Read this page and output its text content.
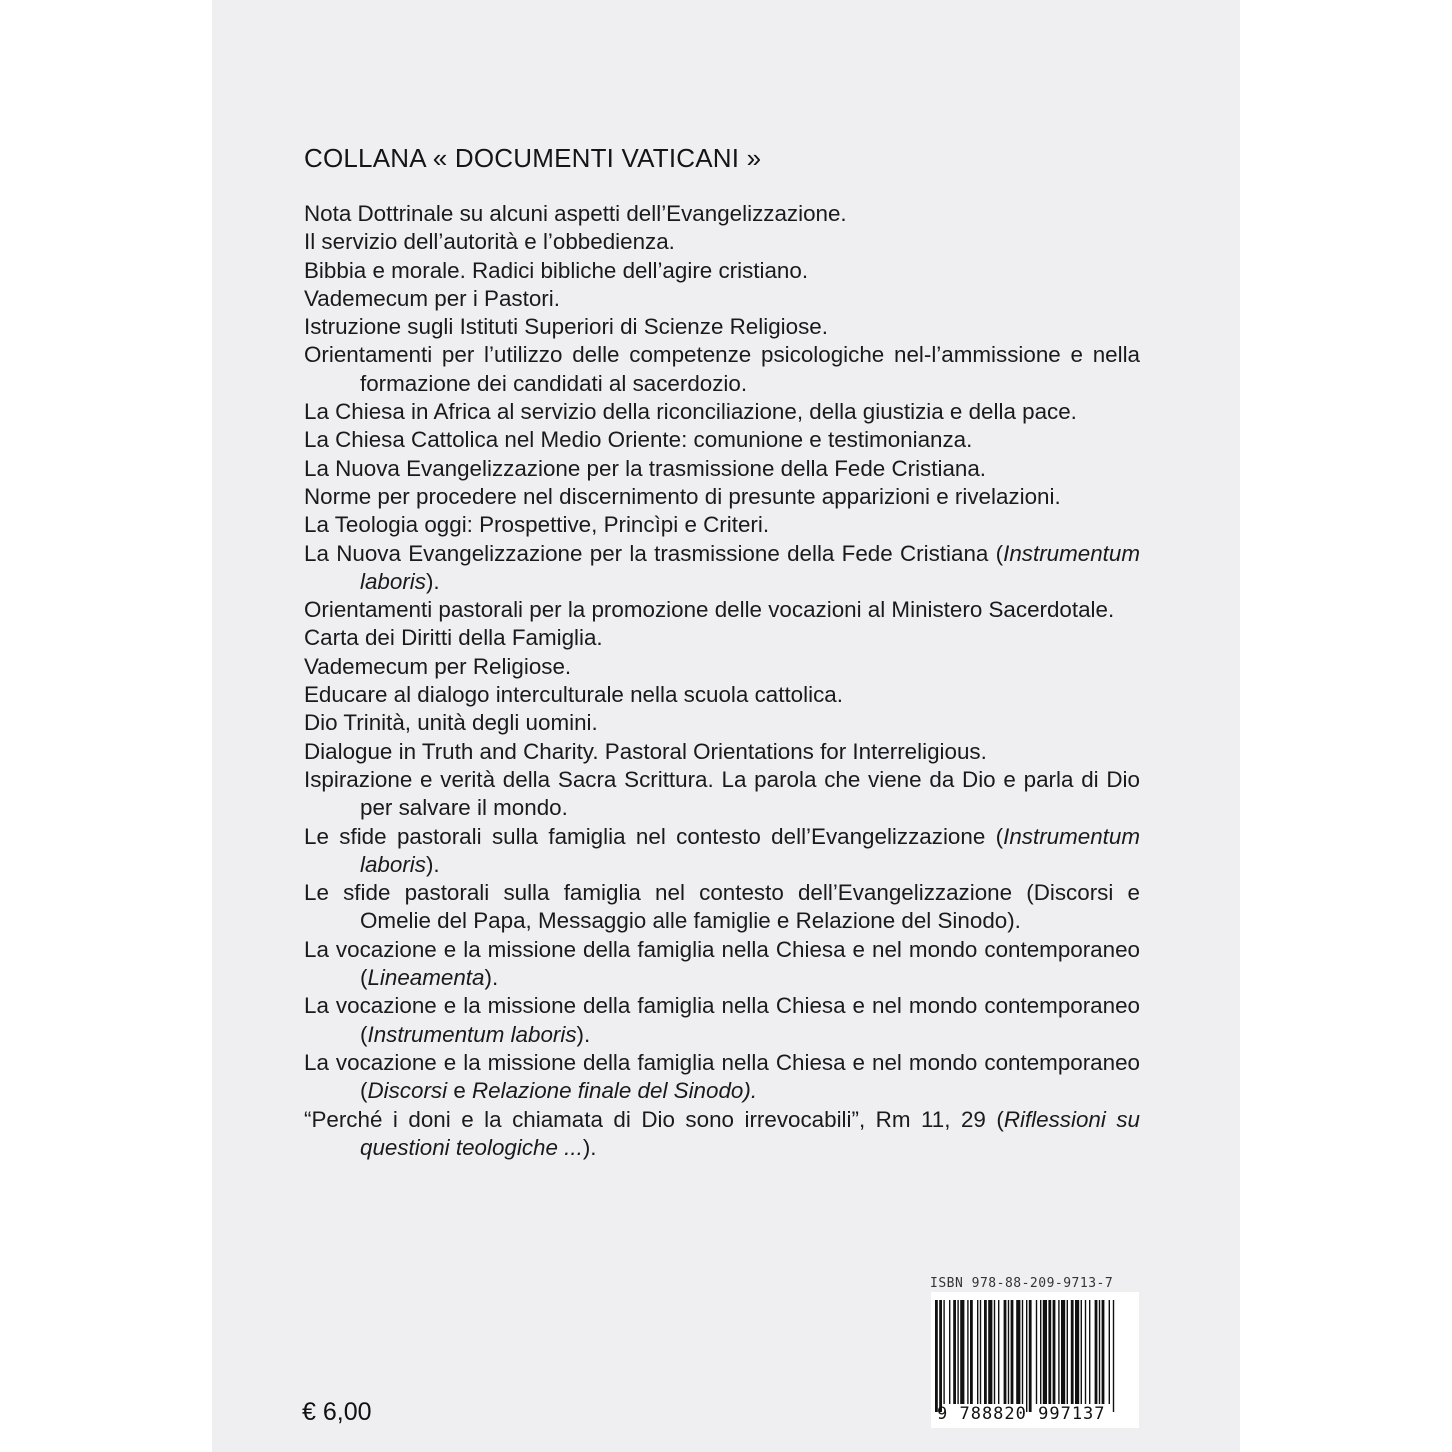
COLLANA « DOCUMENTI VATICANI »
Nota Dottrinale su alcuni aspetti dell’Evangelizzazione.
Il servizio dell’autorità e l’obbedienza.
Bibbia e morale. Radici bibliche dell’agire cristiano.
Vademecum per i Pastori.
Istruzione sugli Istituti Superiori di Scienze Religiose.
Orientamenti per l’utilizzo delle competenze psicologiche nel-l’ammissione e nella formazione dei candidati al sacerdozio.
La Chiesa in Africa al servizio della riconciliazione, della giustizia e della pace.
La Chiesa Cattolica nel Medio Oriente: comunione e testimonianza.
La Nuova Evangelizzazione per la trasmissione della Fede Cristiana.
Norme per procedere nel discernimento di presunte apparizioni e rivelazioni.
La Teologia oggi: Prospettive, Princìpi e Criteri.
La Nuova Evangelizzazione per la trasmissione della Fede Cristiana (Instrumentum laboris).
Orientamenti pastorali per la promozione delle vocazioni al Ministero Sacerdotale.
Carta dei Diritti della Famiglia.
Vademecum per Religiose.
Educare al dialogo interculturale nella scuola cattolica.
Dio Trinità, unità degli uomini.
Dialogue in Truth and Charity. Pastoral Orientations for Interreligious.
Ispirazione e verità della Sacra Scrittura. La parola che viene da Dio e parla di Dio per salvare il mondo.
Le sfide pastorali sulla famiglia nel contesto dell’Evangelizzazione (Instrumentum laboris).
Le sfide pastorali sulla famiglia nel contesto dell’Evangelizzazione (Discorsi e Omelie del Papa, Messaggio alle famiglie e Relazione del Sinodo).
La vocazione e la missione della famiglia nella Chiesa e nel mondo contemporaneo (Lineamenta).
La vocazione e la missione della famiglia nella Chiesa e nel mondo contemporaneo (Instrumentum laboris).
La vocazione e la missione della famiglia nella Chiesa e nel mondo contemporaneo (Discorsi e Relazione finale del Sinodo).
“Perché i doni e la chiamata di Dio sono irrevocabili”, Rm 11, 29 (Riflessioni su questioni teologiche ...).
ISBN 978-88-209-9713-7
9 788820 997137
€ 6,00
